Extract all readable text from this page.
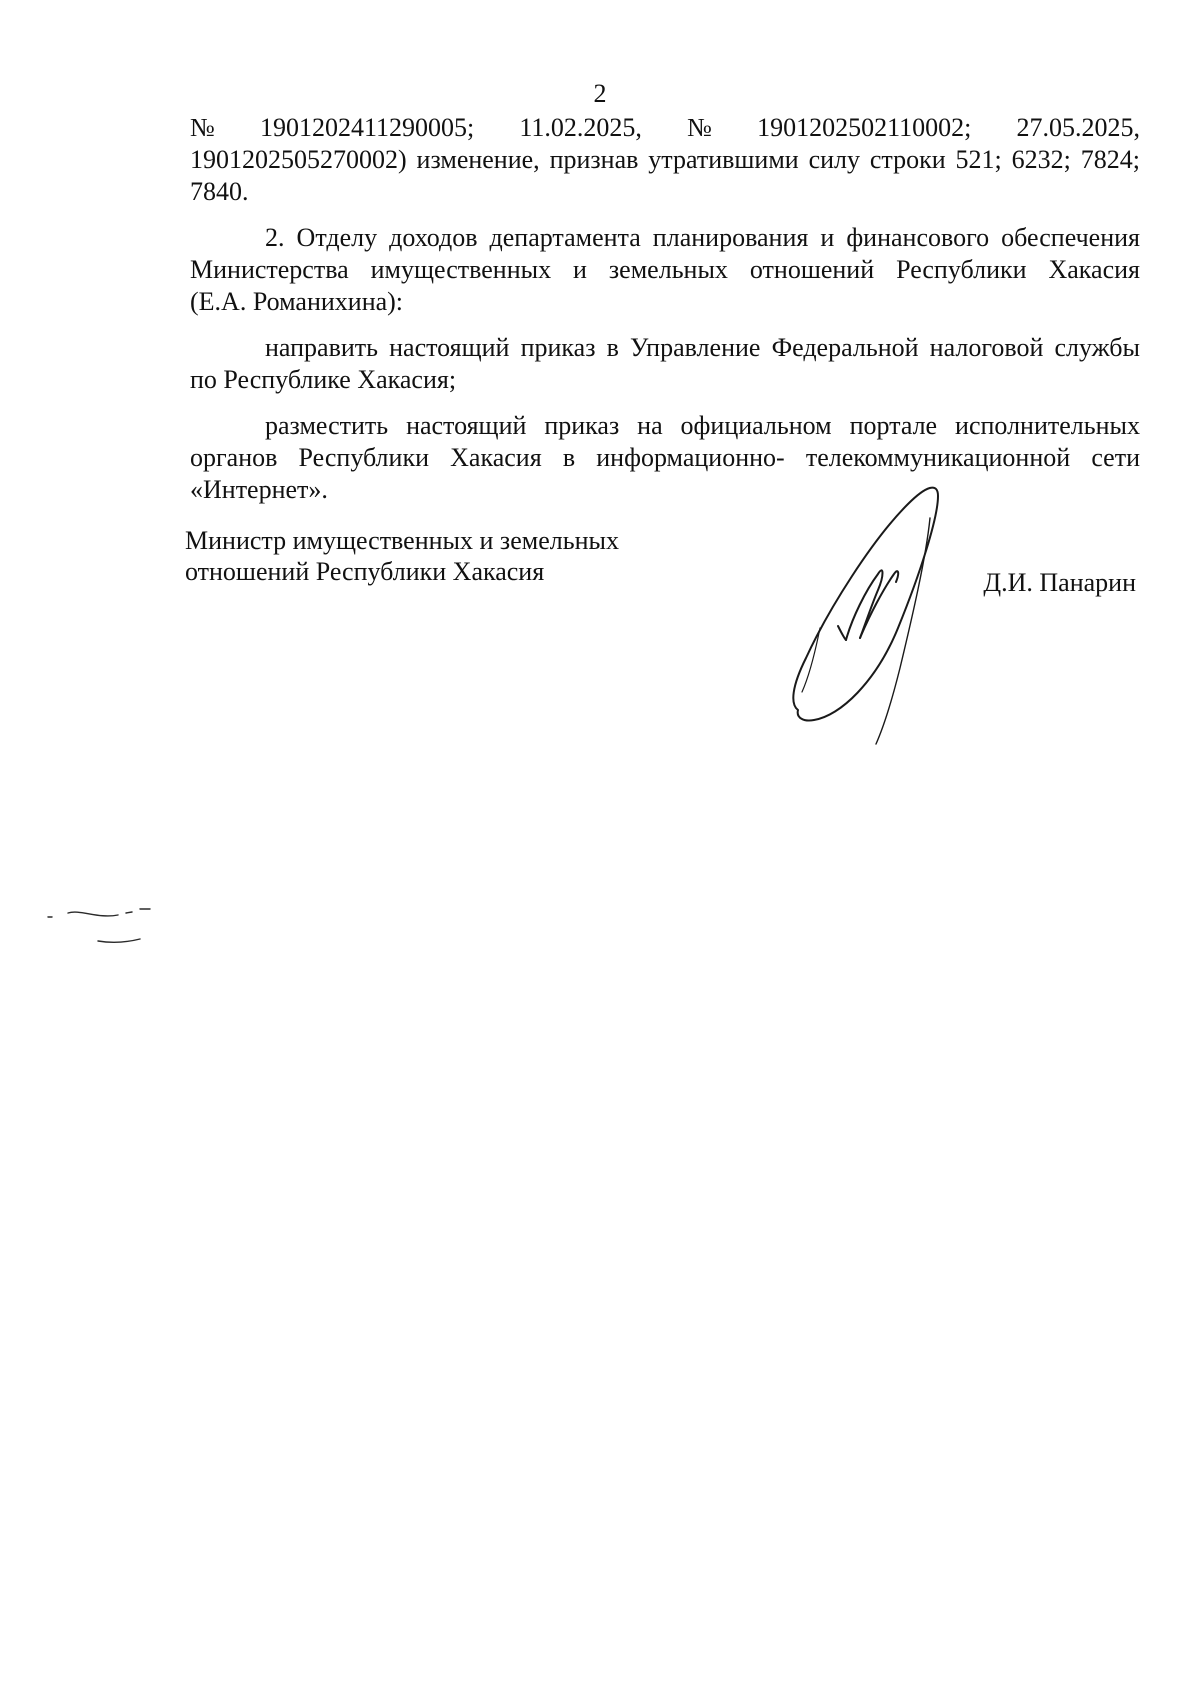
2
№ 1901202411290005; 11.02.2025, № 1901202502110002; 27.05.2025,
1901202505270002) изменение, признав утратившими силу строки 521; 6232; 7824;
7840.
2. Отделу доходов департамента планирования и финансового обеспечения
Министерства имущественных и земельных отношений Республики Хакасия
(Е.А. Романихина):
направить настоящий приказ в Управление Федеральной налоговой службы
по Республике Хакасия;
разместить настоящий приказ на официальном портале исполнительных
органов Республики Хакасия в информационно- телекоммуникационной сети
«Интернет».
Министр имущественных и земельных
отношений Республики Хакасия	Д.И. Панарин
